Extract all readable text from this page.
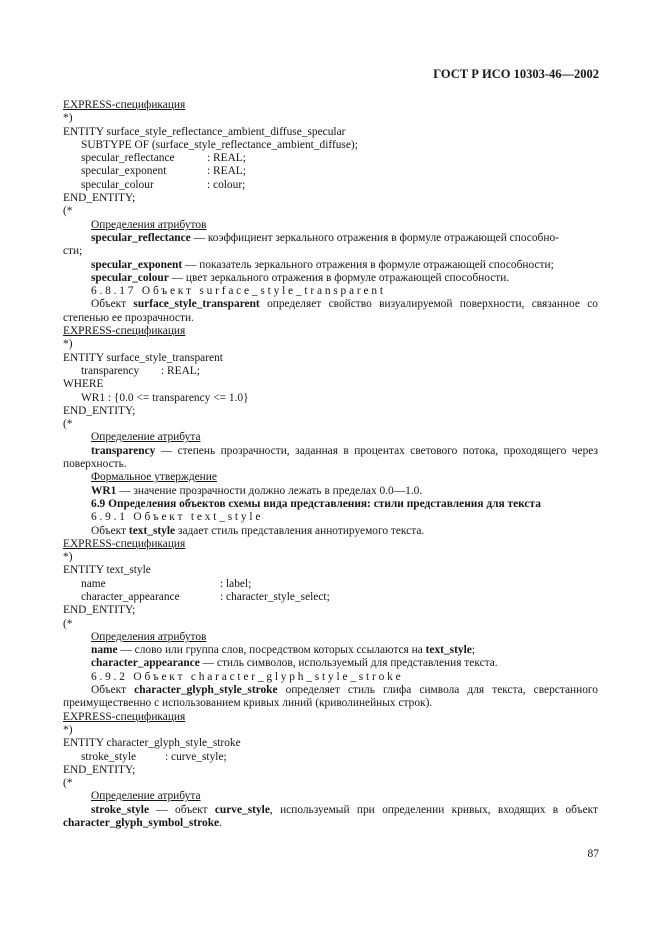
ГОСТ Р ИСО 10303-46—2002
EXPRESS-спецификация
*)
ENTITY surface_style_reflectance_ambient_diffuse_specular
SUBTYPE OF (surface_style_reflectance_ambient_diffuse);
specular_reflectance	: REAL;
specular_exponent	: REAL;
specular_colour	: colour;
END_ENTITY;
(*
Определения атрибутов
specular_reflectance — коэффициент зеркального отражения в формуле отражающей способно-
сти;
specular_exponent — показатель зеркального отражения в формуле отражающей способности;
specular_colour — цвет зеркального отражения в формуле отражающей способности.
6.8.17 Объект surface_style_transparent
Объект surface_style_transparent определяет свойство визуалируемой поверхности, связанное со степенью ее прозрачности.
EXPRESS-спецификация
*)
ENTITY surface_style_transparent
transparency : REAL;
WHERE
WR1 : {0.0 <= transparency <= 1.0}
END_ENTITY;
(*
Определение атрибута
transparency — степень прозрачности, заданная в процентах светового потока, проходящего через поверхность.
Формальное утверждение
WR1 — значение прозрачности должно лежать в пределах 0.0—1.0.
6.9 Определения объектов схемы вида представления: стили представления для текста
6.9.1 Объект text_style
Объект text_style задает стиль представления аннотируемого текста.
EXPRESS-спецификация
*)
ENTITY text_style
name	: label;
character_appearance	: character_style_select;
END_ENTITY;
(*
Определения атрибутов
name — слово или группа слов, посредством которых ссылаются на text_style;
character_appearance — стиль символов, используемый для представления текста.
6.9.2 Объект character_glyph_style_stroke
Объект character_glyph_style_stroke определяет стиль глифа символа для текста, сверстанного преимущественно с использованием кривых линий (криволинейных строк).
EXPRESS-спецификация
*)
ENTITY character_glyph_style_stroke
stroke_style	: curve_style;
END_ENTITY;
(*
Определение атрибута
stroke_style — объект curve_style, используемый при определении кривых, входящих в объект character_glyph_symbol_stroke.
87
